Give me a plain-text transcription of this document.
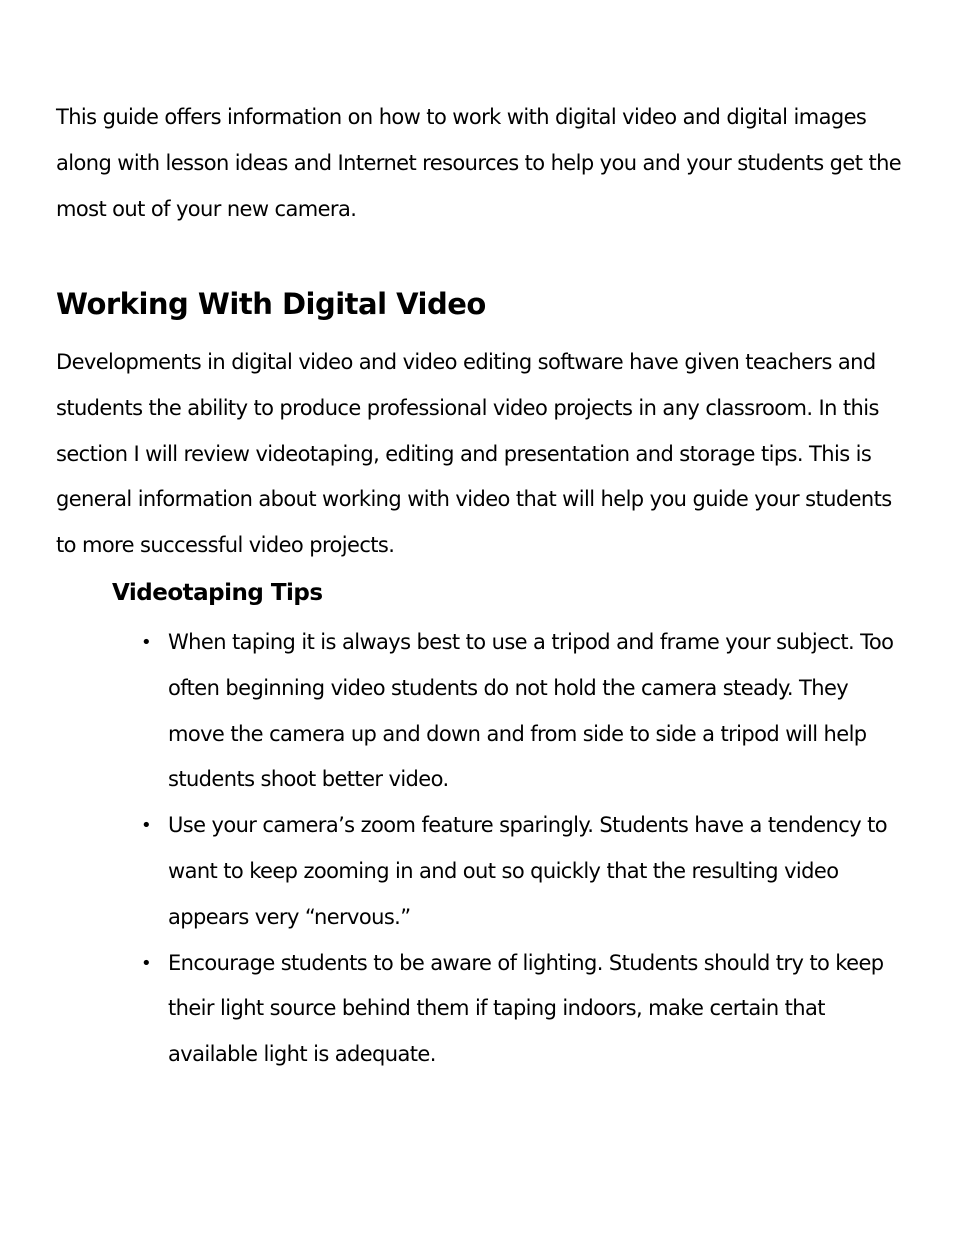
This guide offers information on how to work with digital video and digital images along with lesson ideas and Internet resources to help you and your students get the most out of your new camera.

Working With Digital Video

Developments in digital video and video editing software have given teachers and students the ability to produce professional video projects in any classroom. In this section I will review videotaping, editing and presentation and storage tips. This is general information about working with video that will help you guide your students to more successful video projects.

Videotaping Tips
• When taping it is always best to use a tripod and frame your subject. Too often beginning video students do not hold the camera steady. They move the camera up and down and from side to side a tripod will help students shoot better video.
• Use your camera’s zoom feature sparingly. Students have a tendency to want to keep zooming in and out so quickly that the resulting video appears very “nervous.”
• Encourage students to be aware of lighting. Students should try to keep their light source behind them if taping indoors, make certain that available light is adequate.
